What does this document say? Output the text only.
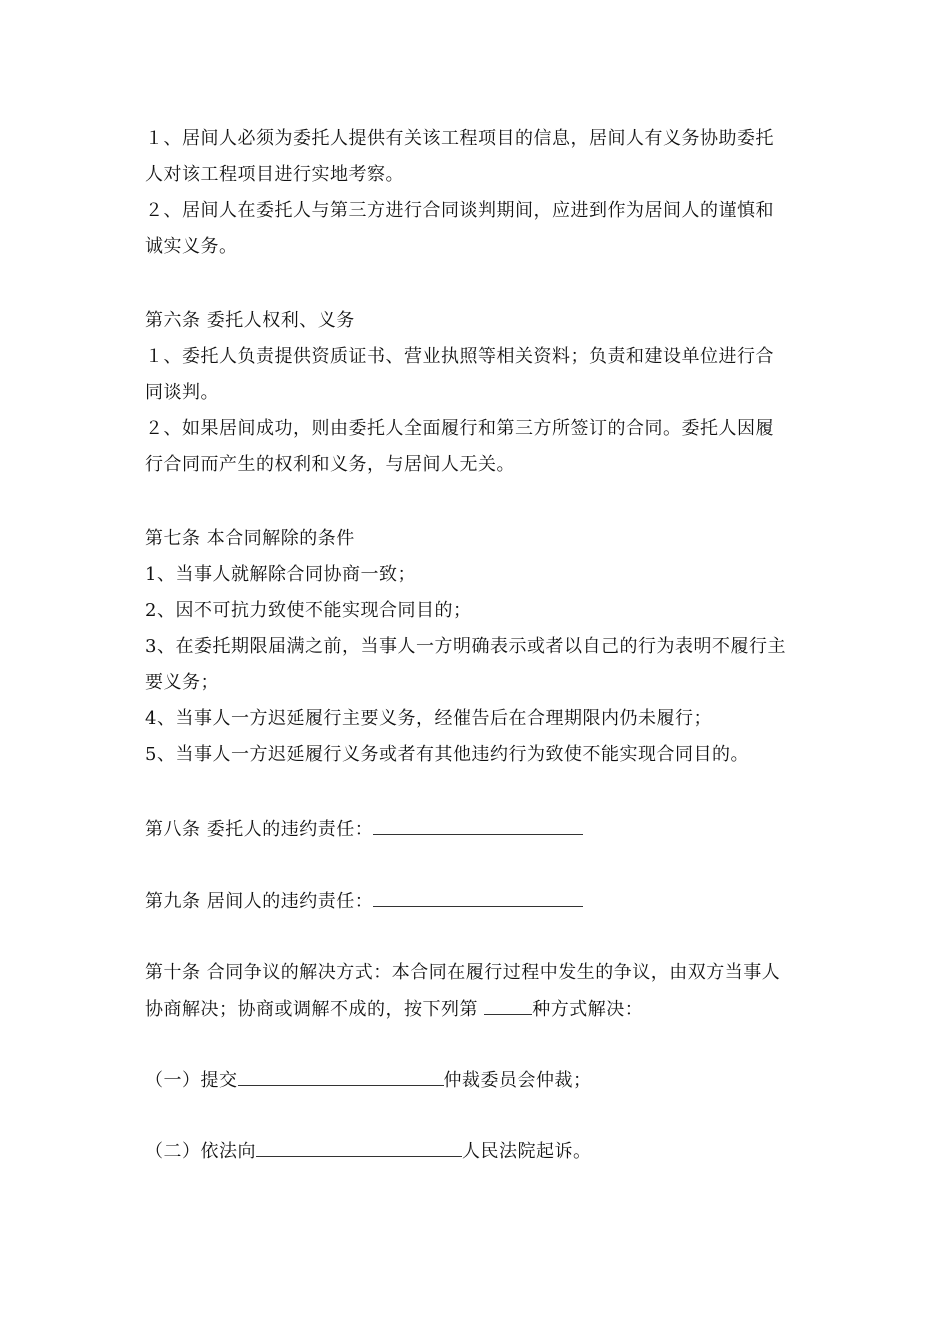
１、居间人必须为委托人提供有关该工程项目的信息，居间人有义务协助委托
人对该工程项目进行实地考察。
２、居间人在委托人与第三方进行合同谈判期间，应进到作为居间人的谨慎和
诚实义务。
第六条 委托人权利、义务
１、委托人负责提供资质证书、营业执照等相关资料；负责和建设单位进行合
同谈判。
２、如果居间成功，则由委托人全面履行和第三方所签订的合同。委托人因履
行合同而产生的权利和义务，与居间人无关。
第七条 本合同解除的条件
1、当事人就解除合同协商一致；
2、因不可抗力致使不能实现合同目的；
3、在委托期限届满之前，当事人一方明确表示或者以自己的行为表明不履行主
要义务；
4、当事人一方迟延履行主要义务，经催告后在合理期限内仍未履行；
5、当事人一方迟延履行义务或者有其他违约行为致使不能实现合同目的。
第八条 委托人的违约责任：
第九条 居间人的违约责任：
第十条 合同争议的解决方式：本合同在履行过程中发生的争议，由双方当事人
协商解决；协商或调解不成的，按下列第	种方式解决：
（一）提交	仲裁委员会仲裁；
（二）依法向	人民法院起诉。
